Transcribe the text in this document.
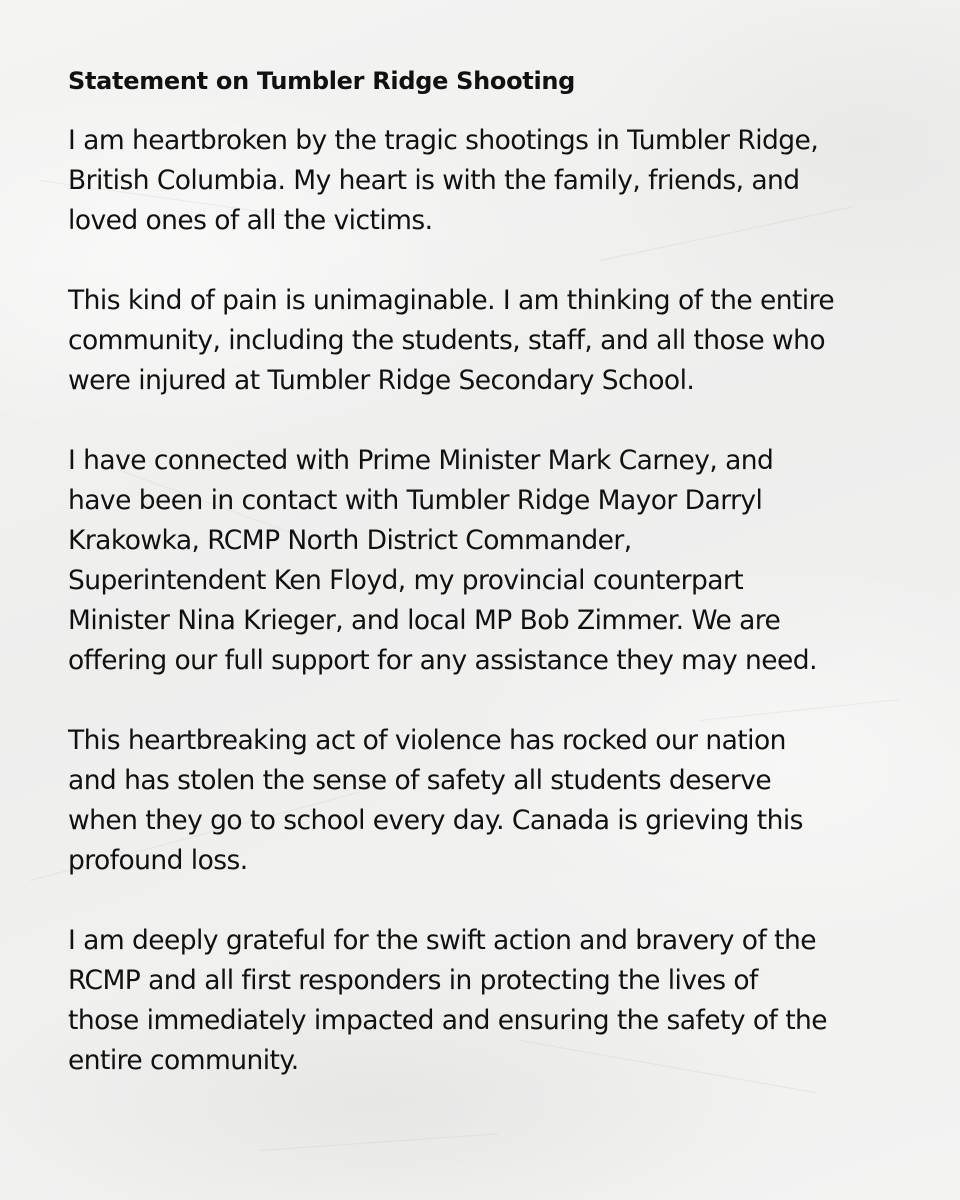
Statement on Tumbler Ridge Shooting

I am heartbroken by the tragic shootings in Tumbler Ridge,
British Columbia. My heart is with the family, friends, and
loved ones of all the victims.

This kind of pain is unimaginable. I am thinking of the entire
community, including the students, staff, and all those who
were injured at Tumbler Ridge Secondary School.

I have connected with Prime Minister Mark Carney, and
have been in contact with Tumbler Ridge Mayor Darryl
Krakowka, RCMP North District Commander,
Superintendent Ken Floyd, my provincial counterpart
Minister Nina Krieger, and local MP Bob Zimmer. We are
offering our full support for any assistance they may need.

This heartbreaking act of violence has rocked our nation
and has stolen the sense of safety all students deserve
when they go to school every day. Canada is grieving this
profound loss.

I am deeply grateful for the swift action and bravery of the
RCMP and all first responders in protecting the lives of
those immediately impacted and ensuring the safety of the
entire community.
